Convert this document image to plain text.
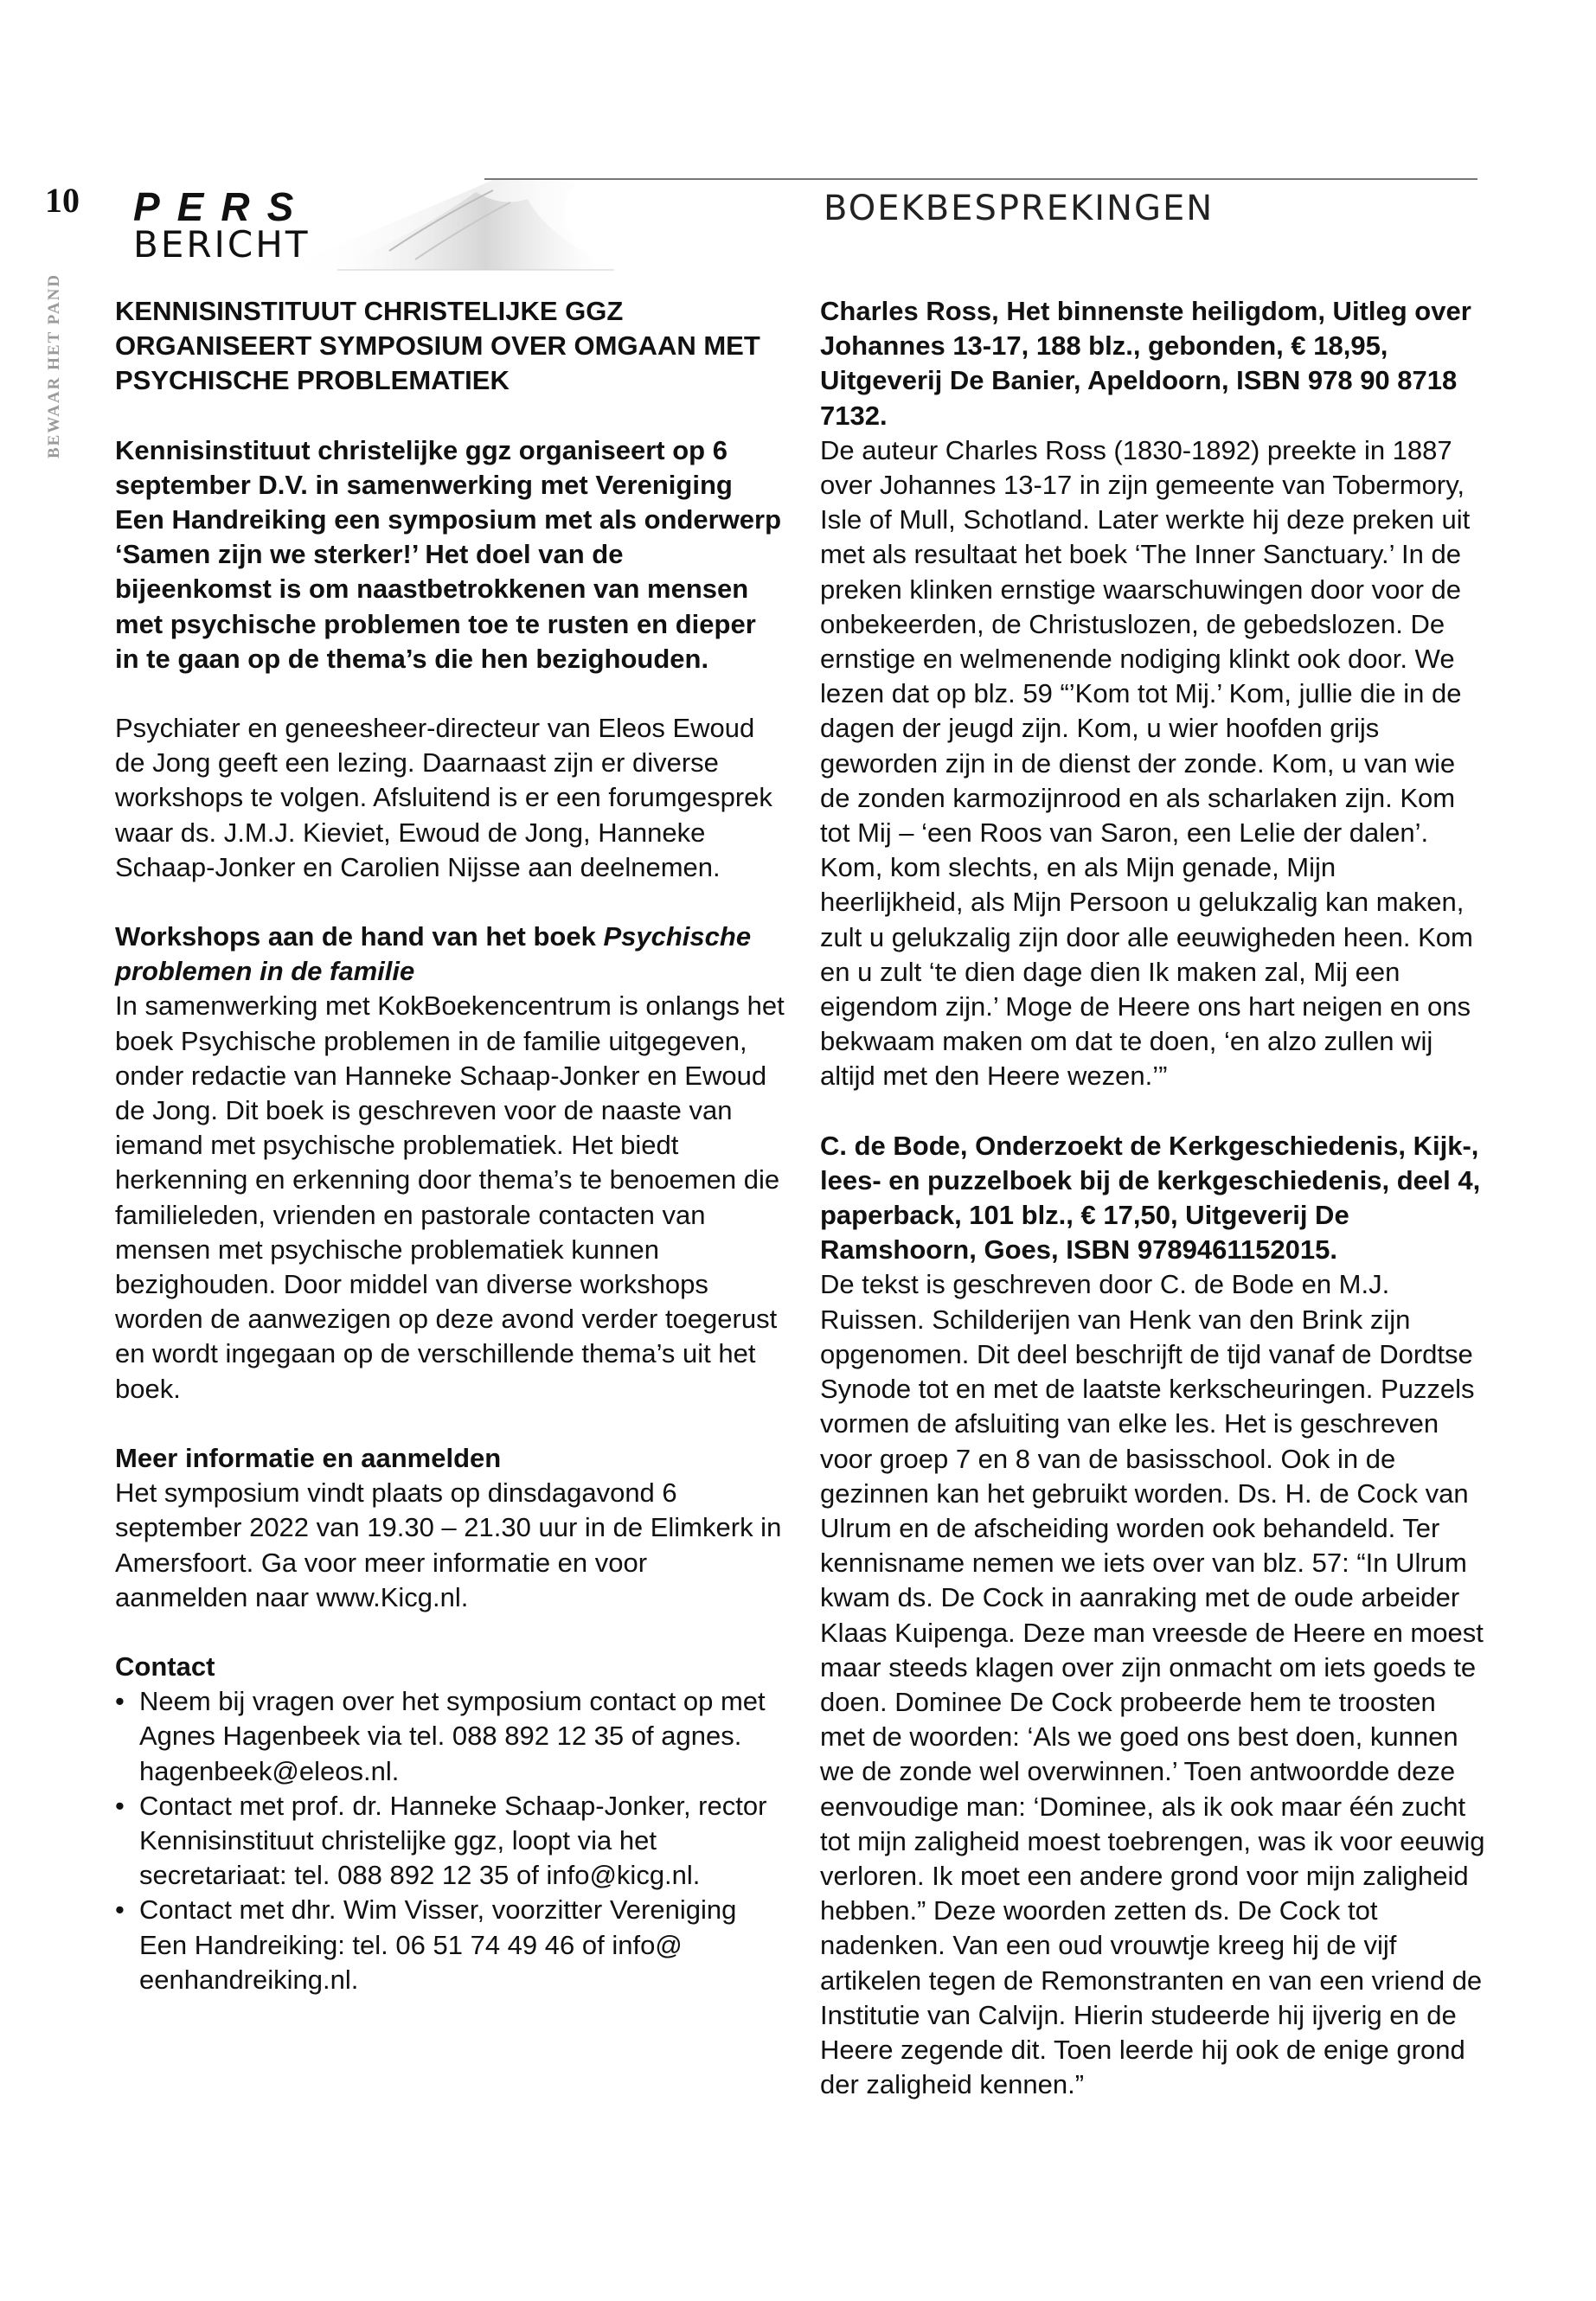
10
BEWAAR HET PAND
PERS
BERICHT
BOEKBESPREKINGEN

KENNISINSTITUUT CHRISTELIJKE GGZ ORGANISEERT SYMPOSIUM OVER OMGAAN MET PSYCHISCHE PROBLEMATIEK

Kennisinstituut christelijke ggz organiseert op 6 september D.V. in samenwerking met Vereniging Een Handreiking een symposium met als onderwerp ‘Samen zijn we sterker!’ Het doel van de bijeenkomst is om naastbetrokkenen van mensen met psychische problemen toe te rusten en dieper in te gaan op de thema’s die hen bezighouden.

Psychiater en geneesheer-directeur van Eleos Ewoud de Jong geeft een lezing. Daarnaast zijn er diverse workshops te volgen. Afsluitend is er een forumgesprek waar ds. J.M.J. Kieviet, Ewoud de Jong, Hanneke Schaap-Jonker en Carolien Nijsse aan deelnemen.

Workshops aan de hand van het boek Psychische problemen in de familie

In samenwerking met KokBoekencentrum is onlangs het boek Psychische problemen in de familie uitgegeven, onder redactie van Hanneke Schaap-Jonker en Ewoud de Jong. Dit boek is geschreven voor de naaste van iemand met psychische problematiek. Het biedt herkenning en erkenning door thema’s te benoemen die familieleden, vrienden en pastorale contacten van mensen met psychische problematiek kunnen bezighouden. Door middel van diverse workshops worden de aanwezigen op deze avond verder toegerust en wordt ingegaan op de verschillende thema’s uit het boek.

Meer informatie en aanmelden

Het symposium vindt plaats op dinsdagavond 6 september 2022 van 19.30 – 21.30 uur in de Elimkerk in Amersfoort. Ga voor meer informatie en voor aanmelden naar www.Kicg.nl.

Contact

• Neem bij vragen over het symposium contact op met Agnes Hagenbeek via tel. 088 892 12 35 of agnes. hagenbeek@eleos.nl.
• Contact met prof. dr. Hanneke Schaap-Jonker, rector Kennisinstituut christelijke ggz, loopt via het secretariaat: tel. 088 892 12 35 of info@kicg.nl.
• Contact met dhr. Wim Visser, voorzitter Vereniging Een Handreiking: tel. 06 51 74 49 46 of info@ eenhandreiking.nl.

Charles Ross, Het binnenste heiligdom, Uitleg over Johannes 13-17, 188 blz., gebonden, € 18,95, Uitgeverij De Banier, Apeldoorn, ISBN 978 90 8718 7132.

De auteur Charles Ross (1830-1892) preekte in 1887 over Johannes 13-17 in zijn gemeente van Tobermory, Isle of Mull, Schotland. Later werkte hij deze preken uit met als resultaat het boek ‘The Inner Sanctuary.’ In de preken klinken ernstige waarschuwingen door voor de onbekeerden, de Christuslozen, de gebedslozen. De ernstige en welmenende nodiging klinkt ook door. We lezen dat op blz. 59 “’Kom tot Mij.’ Kom, jullie die in de dagen der jeugd zijn. Kom, u wier hoofden grijs geworden zijn in de dienst der zonde. Kom, u van wie de zonden karmozijnrood en als scharlaken zijn. Kom tot Mij – ‘een Roos van Saron, een Lelie der dalen’. Kom, kom slechts, en als Mijn genade, Mijn heerlijkheid, als Mijn Persoon u gelukzalig kan maken, zult u gelukzalig zijn door alle eeuwigheden heen. Kom en u zult ‘te dien dage dien Ik maken zal, Mij een eigendom zijn.’ Moge de Heere ons hart neigen en ons bekwaam maken om dat te doen, ‘en alzo zullen wij altijd met den Heere wezen.’”

C. de Bode, Onderzoekt de Kerkgeschiedenis, Kijk-, lees- en puzzelboek bij de kerkgeschiedenis, deel 4, paperback, 101 blz., € 17,50, Uitgeverij De Ramshoorn, Goes, ISBN 9789461152015.

De tekst is geschreven door C. de Bode en M.J. Ruissen. Schilderijen van Henk van den Brink zijn opgenomen. Dit deel beschrijft de tijd vanaf de Dordtse Synode tot en met de laatste kerkscheuringen. Puzzels vormen de afsluiting van elke les. Het is geschreven voor groep 7 en 8 van de basisschool. Ook in de gezinnen kan het gebruikt worden. Ds. H. de Cock van Ulrum en de afscheiding worden ook behandeld. Ter kennisname nemen we iets over van blz. 57: “In Ulrum kwam ds. De Cock in aanraking met de oude arbeider Klaas Kuipenga. Deze man vreesde de Heere en moest maar steeds klagen over zijn onmacht om iets goeds te doen. Dominee De Cock probeerde hem te troosten met de woorden: ‘Als we goed ons best doen, kunnen we de zonde wel overwinnen.’ Toen antwoordde deze eenvoudige man: ‘Dominee, als ik ook maar één zucht tot mijn zaligheid moest toebrengen, was ik voor eeuwig verloren. Ik moet een andere grond voor mijn zaligheid hebben.” Deze woorden zetten ds. De Cock tot nadenken. Van een oud vrouwtje kreeg hij de vijf artikelen tegen de Remonstranten en van een vriend de Institutie van Calvijn. Hierin studeerde hij ijverig en de Heere zegende dit. Toen leerde hij ook de enige grond der zaligheid kennen.”
